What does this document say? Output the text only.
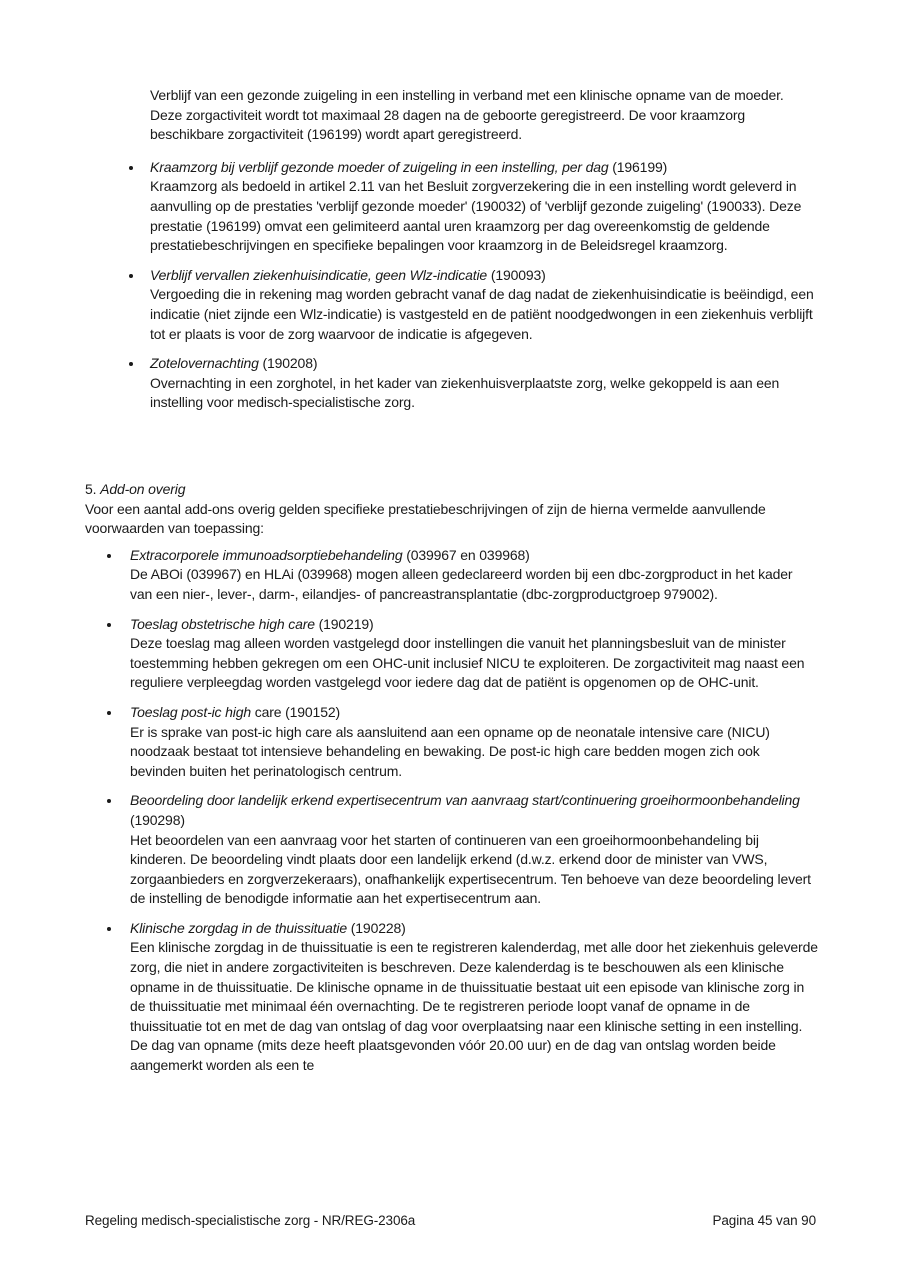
Verblijf van een gezonde zuigeling in een instelling in verband met een klinische opname van de moeder. Deze zorgactiviteit wordt tot maximaal 28 dagen na de geboorte geregistreerd. De voor kraamzorg beschikbare zorgactiviteit (196199) wordt apart geregistreerd.

Kraamzorg bij verblijf gezonde moeder of zuigeling in een instelling, per dag (196199)
Kraamzorg als bedoeld in artikel 2.11 van het Besluit zorgverzekering die in een instelling wordt geleverd in aanvulling op de prestaties 'verblijf gezonde moeder' (190032) of 'verblijf gezonde zuigeling' (190033). Deze prestatie (196199) omvat een gelimiteerd aantal uren kraamzorg per dag overeenkomstig de geldende prestatiebeschrijvingen en specifieke bepalingen voor kraamzorg in de Beleidsregel kraamzorg.
Verblijf vervallen ziekenhuisindicatie, geen Wlz-indicatie (190093)
Vergoeding die in rekening mag worden gebracht vanaf de dag nadat de ziekenhuisindicatie is beëindigd, een indicatie (niet zijnde een Wlz-indicatie) is vastgesteld en de patiënt noodgedwongen in een ziekenhuis verblijft tot er plaats is voor de zorg waarvoor de indicatie is afgegeven.
Zotelovernachting (190208)
Overnachting in een zorghotel, in het kader van ziekenhuisverplaatste zorg, welke gekoppeld is aan een instelling voor medisch-specialistische zorg.

5. Add-on overig

Voor een aantal add-ons overig gelden specifieke prestatiebeschrijvingen of zijn de hierna vermelde aanvullende voorwaarden van toepassing:

Extracorporele immunoadsorptiebehandeling (039967 en 039968)
De ABOi (039967) en HLAi (039968) mogen alleen gedeclareerd worden bij een dbc-zorgproduct in het kader van een nier-, lever-, darm-, eilandjes- of pancreastransplantatie (dbc-zorgproductgroep 979002).
Toeslag obstetrische high care (190219)
Deze toeslag mag alleen worden vastgelegd door instellingen die vanuit het planningsbesluit van de minister toestemming hebben gekregen om een OHC-unit inclusief NICU te exploiteren. De zorgactiviteit mag naast een reguliere verpleegdag worden vastgelegd voor iedere dag dat de patiënt is opgenomen op de OHC-unit.
Toeslag post-ic high care (190152)
Er is sprake van post-ic high care als aansluitend aan een opname op de neonatale intensive care (NICU) noodzaak bestaat tot intensieve behandeling en bewaking. De post-ic high care bedden mogen zich ook bevinden buiten het perinatologisch centrum.
Beoordeling door landelijk erkend expertisecentrum van aanvraag start/continuering groeihormoonbehandeling (190298)
Het beoordelen van een aanvraag voor het starten of continueren van een groeihormoonbehandeling bij kinderen. De beoordeling vindt plaats door een landelijk erkend (d.w.z. erkend door de minister van VWS, zorgaanbieders en zorgverzekeraars), onafhankelijk expertisecentrum. Ten behoeve van deze beoordeling levert de instelling de benodigde informatie aan het expertisecentrum aan.
Klinische zorgdag in de thuissituatie (190228)
Een klinische zorgdag in de thuissituatie is een te registreren kalenderdag, met alle door het ziekenhuis geleverde zorg, die niet in andere zorgactiviteiten is beschreven. Deze kalenderdag is te beschouwen als een klinische opname in de thuissituatie. De klinische opname in de thuissituatie bestaat uit een episode van klinische zorg in de thuissituatie met minimaal één overnachting. De te registreren periode loopt vanaf de opname in de thuissituatie tot en met de dag van ontslag of dag voor overplaatsing naar een klinische setting in een instelling. De dag van opname (mits deze heeft plaatsgevonden vóór 20.00 uur) en de dag van ontslag worden beide aangemerkt worden als een te
Regeling medisch-specialistische zorg - NR/REG-2306a	Pagina 45 van 90
